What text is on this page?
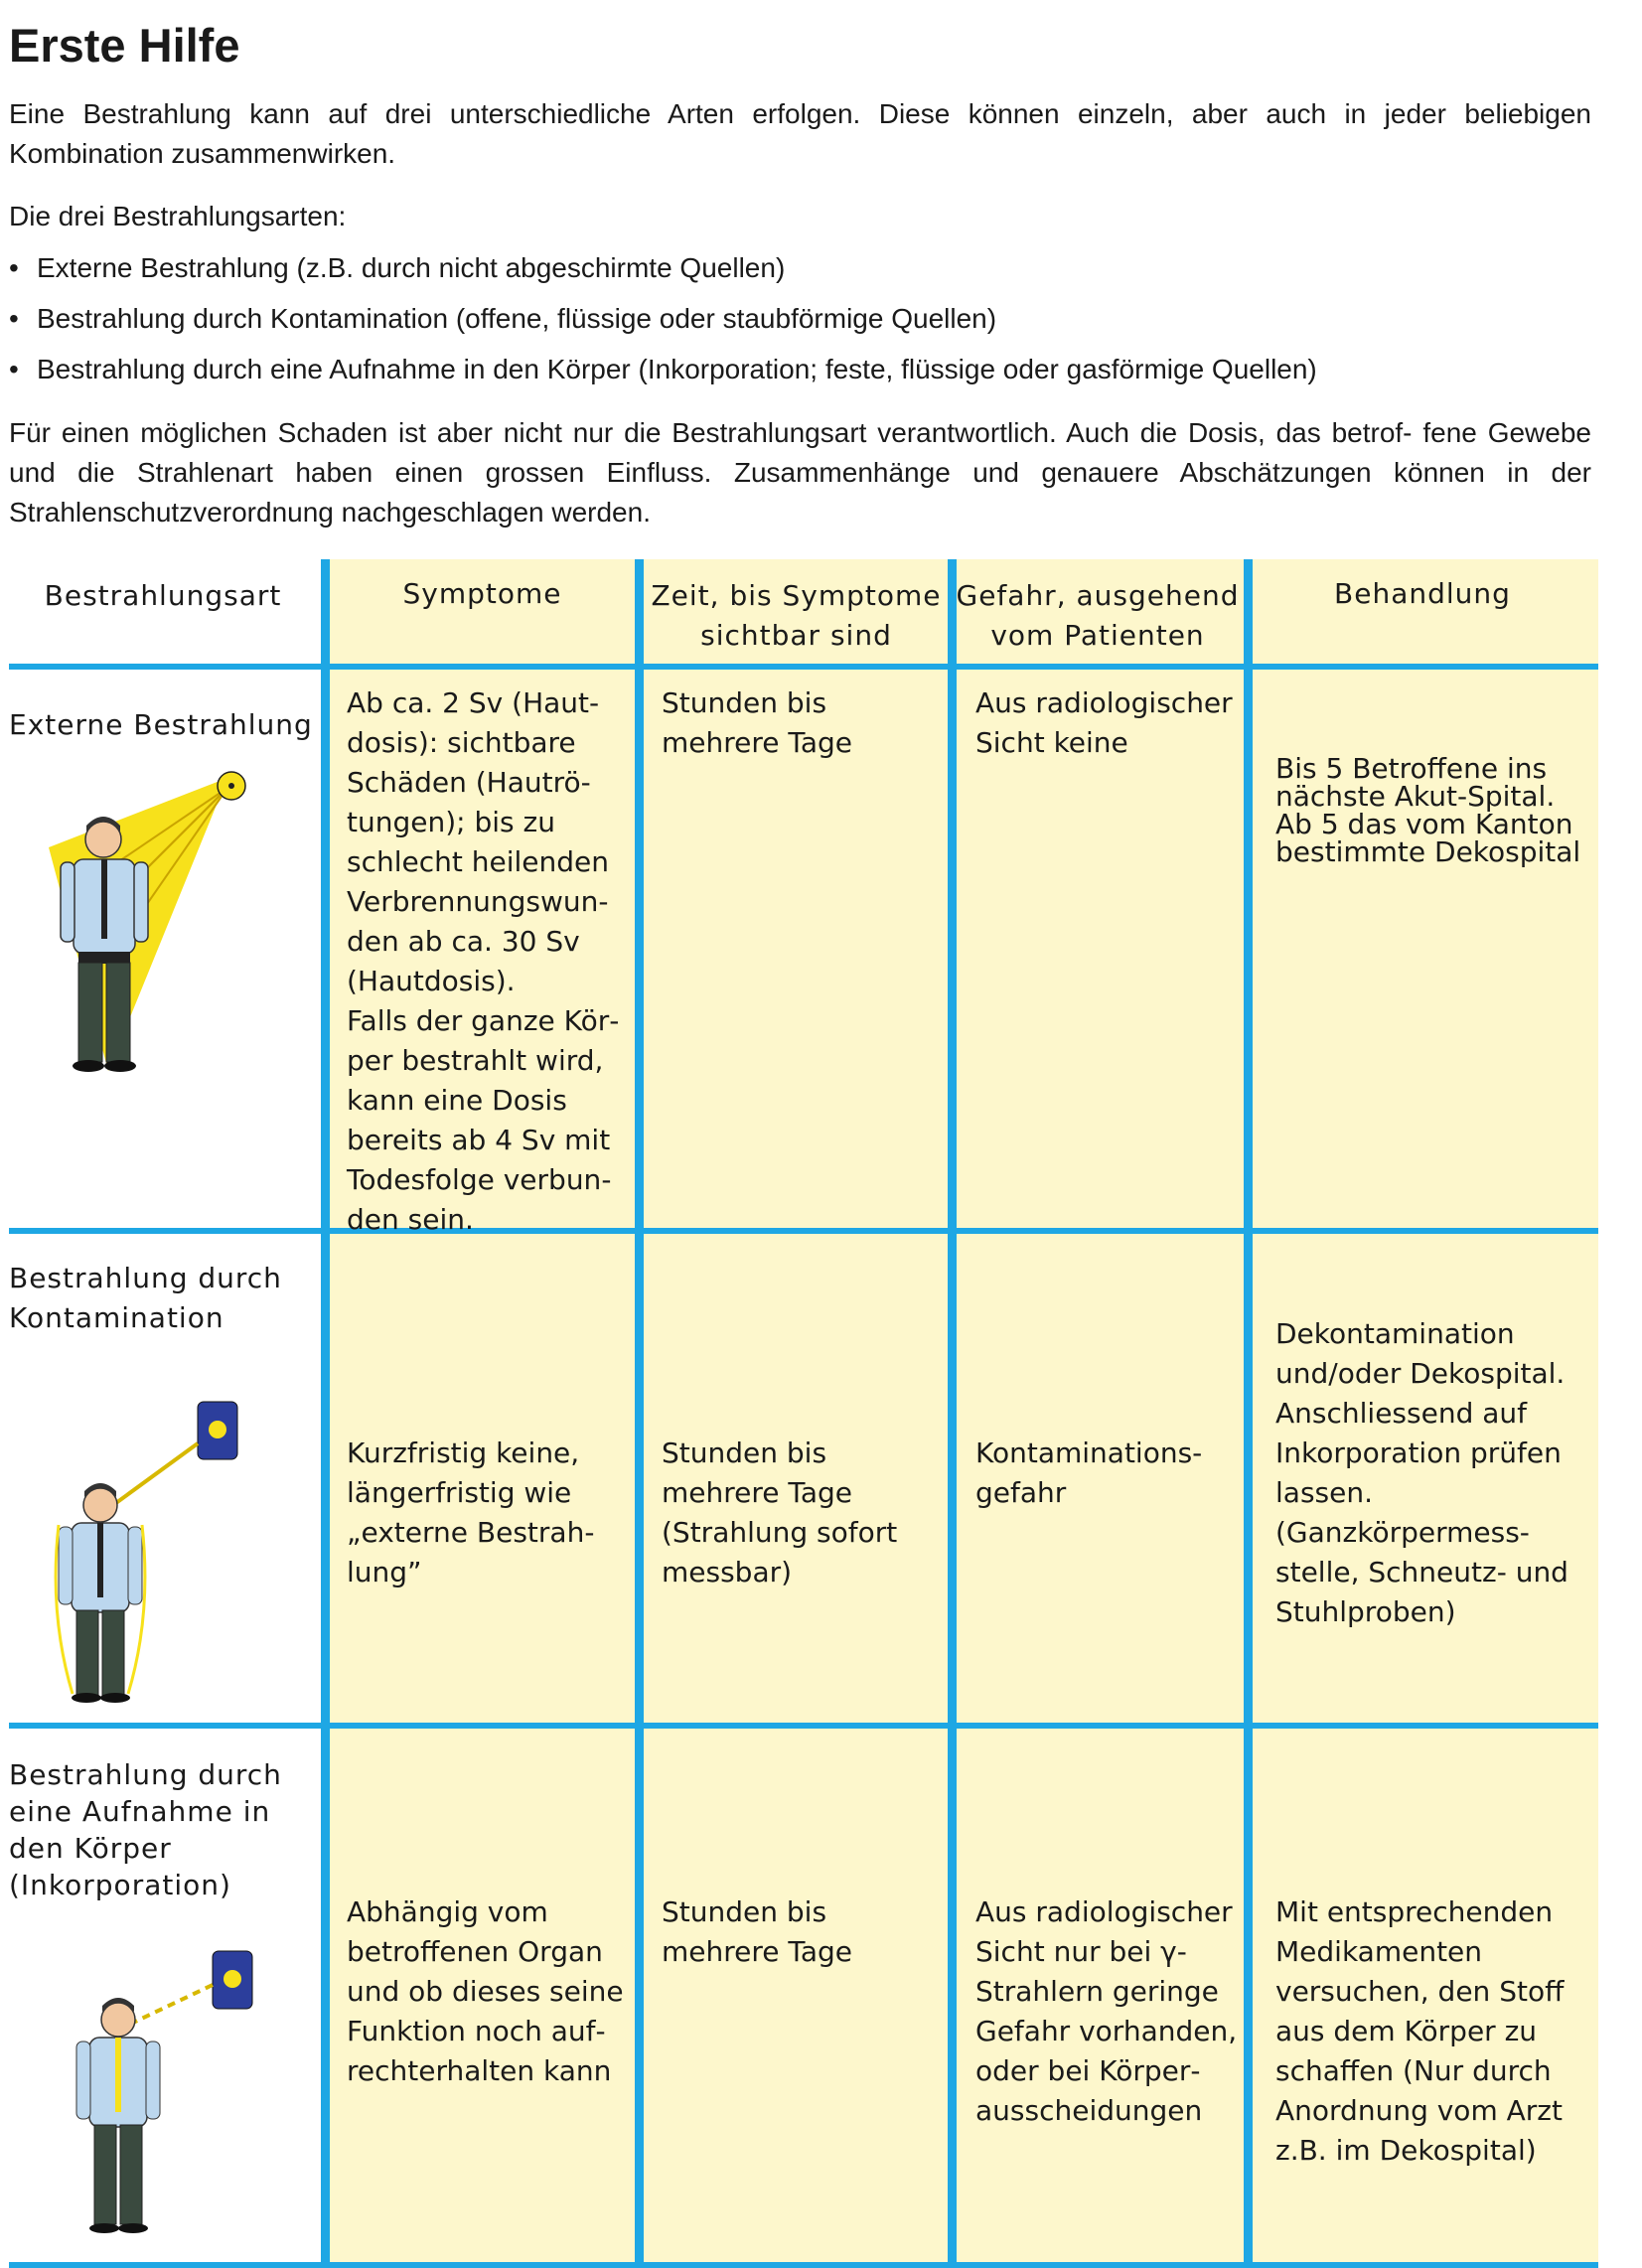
Erste Hilfe

Eine Bestrahlung kann auf drei unterschiedliche Arten erfolgen. Diese können einzeln, aber auch in jeder beliebigen Kombination zusammenwirken.

Die drei Bestrahlungsarten:

• Externe Bestrahlung (z.B. durch nicht abgeschirmte Quellen)
• Bestrahlung durch Kontamination (offene, flüssige oder staubförmige Quellen)
• Bestrahlung durch eine Aufnahme in den Körper (Inkorporation; feste, flüssige oder gasförmige Quellen)

Für einen möglichen Schaden ist aber nicht nur die Bestrahlungsart verantwortlich. Auch die Dosis, das betrof- fene Gewebe und die Strahlenart haben einen grossen Einfluss. Zusammenhänge und genauere Abschätzungen können in der Strahlenschutzverordnung nachgeschlagen werden.

Bestrahlungsart	Symptome	Zeit, bis Symptome sichtbar sind
Gefahr, ausgehend vom Patienten
Behandlung
Externe Bestrahlung
Ab ca. 2 Sv (Hautdosis): sichtbare Schäden (Hautrötungen); bis zu schlecht heilenden Verbrennungswunden ab ca. 30 Sv (Hautdosis).
Falls der ganze Körper bestrahlt wird, kann eine Dosis bereits ab 4 Sv mit Todesfolge verbunden sein.
Stunden bis mehrere Tage
Aus radiologischer Sicht keine
Bis 5 Betroffene ins nächste Akut-Spital. Ab 5 das vom Kanton bestimmte Dekospital
Bestrahlung durch Kontamination
Kurzfristig keine, längerfristig wie „externe Bestrahlung”
Stunden bis mehrere Tage (Strahlung sofort messbar)
Kontaminationsgefahr
Dekontamination und/oder Dekospital.
Anschliessend auf Inkorporation prüfen lassen.
(Ganzkörpermessstelle, Schneutz- und Stuhlproben)
Bestrahlung durch eine Aufnahme in den Körper (Inkorporation)
Abhängig vom betroffenen Organ und ob dieses seine Funktion noch aufrechterhalten kann
Stunden bis mehrere Tage
Aus radiologischer Sicht nur bei γ-Strahlern geringe Gefahr vorhanden, oder bei Körperausscheidungen
Mit entsprechenden Medikamenten versuchen, den Stoff aus dem Körper zu schaffen (Nur durch Anordnung vom Arzt z.B. im Dekospital)
